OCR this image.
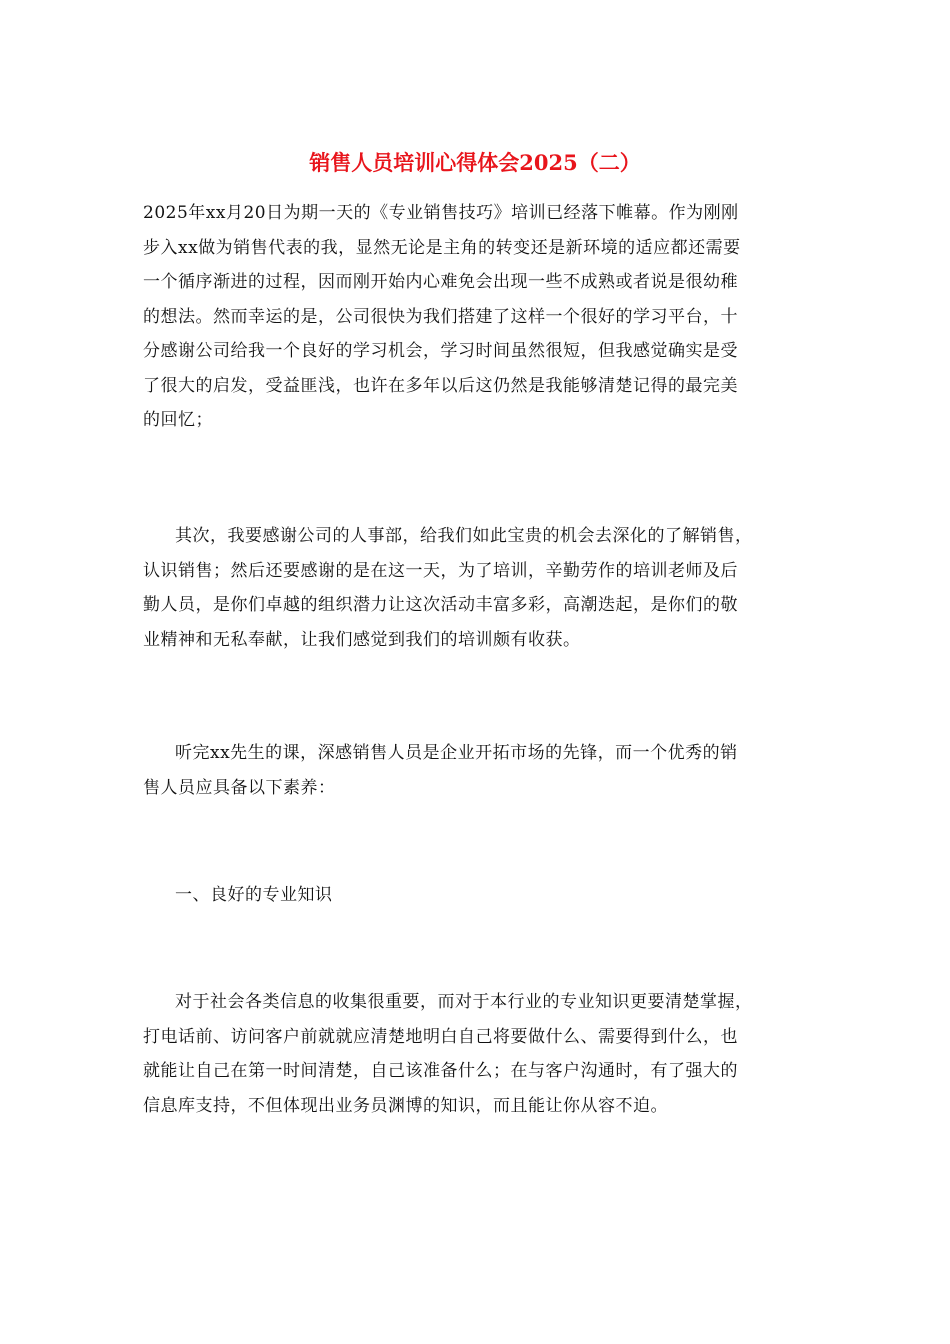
销售人员培训心得体会2025（二）
2025年xx月20日为期一天的《专业销售技巧》培训已经落下帷幕。作为刚刚
步入xx做为销售代表的我，显然无论是主角的转变还是新环境的适应都还需要
一个循序渐进的过程，因而刚开始内心难免会出现一些不成熟或者说是很幼稚
的想法。然而幸运的是，公司很快为我们搭建了这样一个很好的学习平台，十
分感谢公司给我一个良好的学习机会，学习时间虽然很短，但我感觉确实是受
了很大的启发，受益匪浅，也许在多年以后这仍然是我能够清楚记得的最完美
的回忆；
其次，我要感谢公司的人事部，给我们如此宝贵的机会去深化的了解销售，
认识销售；然后还要感谢的是在这一天，为了培训，辛勤劳作的培训老师及后
勤人员，是你们卓越的组织潜力让这次活动丰富多彩，高潮迭起，是你们的敬
业精神和无私奉献，让我们感觉到我们的培训颇有收获。
听完xx先生的课，深感销售人员是企业开拓市场的先锋，而一个优秀的销
售人员应具备以下素养：
一、良好的专业知识
对于社会各类信息的收集很重要，而对于本行业的专业知识更要清楚掌握，
打电话前、访问客户前就就应清楚地明白自己将要做什么、需要得到什么，也
就能让自己在第一时间清楚，自己该准备什么；在与客户沟通时，有了强大的
信息库支持，不但体现出业务员渊博的知识，而且能让你从容不迫。
